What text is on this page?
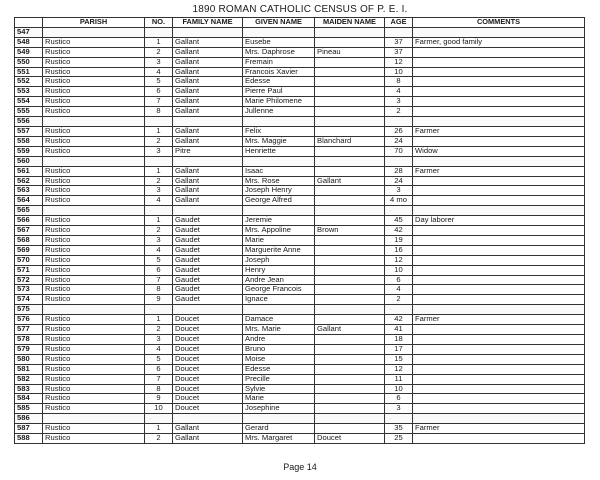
1890 ROMAN CATHOLIC CENSUS OF P. E. I.
	PARISH	NO.	FAMILY NAME	GIVEN NAME	MAIDEN NAME	AGE	COMMENTS
547							
548	Rustico	1	Gallant	Eusebe		37	Farmer, good family
549	Rustico	2	Gallant	Mrs. Daphrose	Pineau	37	
550	Rustico	3	Gallant	Fremain		12	
551	Rustico	4	Gallant	Francois Xavier		10	
552	Rustico	5	Gallant	Edesse		8	
553	Rustico	6	Gallant	Pierre Paul		4	
554	Rustico	7	Gallant	Marie Philomene		3	
555	Rustico	8	Gallant	Jullenne		2	
556							
557	Rustico	1	Gallant	Felix		26	Farmer
558	Rustico	2	Gallant	Mrs. Maggie	Blanchard	24	
559	Rustico	3	Pitre	Henriette		70	Widow
560							
561	Rustico	1	Gallant	Isaac		28	Farmer
562	Rustico	2	Gallant	Mrs. Rose	Gallant	24	
563	Rustico	3	Gallant	Joseph Henry		3	
564	Rustico	4	Gallant	George Alfred		4 mo	
565							
566	Rustico	1	Gaudet	Jeremie		45	Day laborer
567	Rustico	2	Gaudet	Mrs. Appoline	Brown	42	
568	Rustico	3	Gaudet	Marie		19	
569	Rustico	4	Gaudet	Marguerite Anne		16	
570	Rustico	5	Gaudet	Joseph		12	
571	Rustico	6	Gaudet	Henry		10	
572	Rustico	7	Gaudet	Andre Jean		6	
573	Rustico	8	Gaudet	George Francois		4	
574	Rustico	9	Gaudet	Ignace		2	
575							
576	Rustico	1	Doucet	Damace		42	Farmer
577	Rustico	2	Doucet	Mrs. Marie	Gallant	41	
578	Rustico	3	Doucet	Andre		18	
579	Rustico	4	Doucet	Bruno		17	
580	Rustico	5	Doucet	Moise		15	
581	Rustico	6	Doucet	Edesse		12	
582	Rustico	7	Doucet	Precille		11	
583	Rustico	8	Doucet	Sylvie		10	
584	Rustico	9	Doucet	Marie		6	
585	Rustico	10	Doucet	Josephine		3	
586							
587	Rustico	1	Gallant	Gerard		35	Farmer
588	Rustico	2	Gallant	Mrs. Margaret	Doucet	25	
Page 14
